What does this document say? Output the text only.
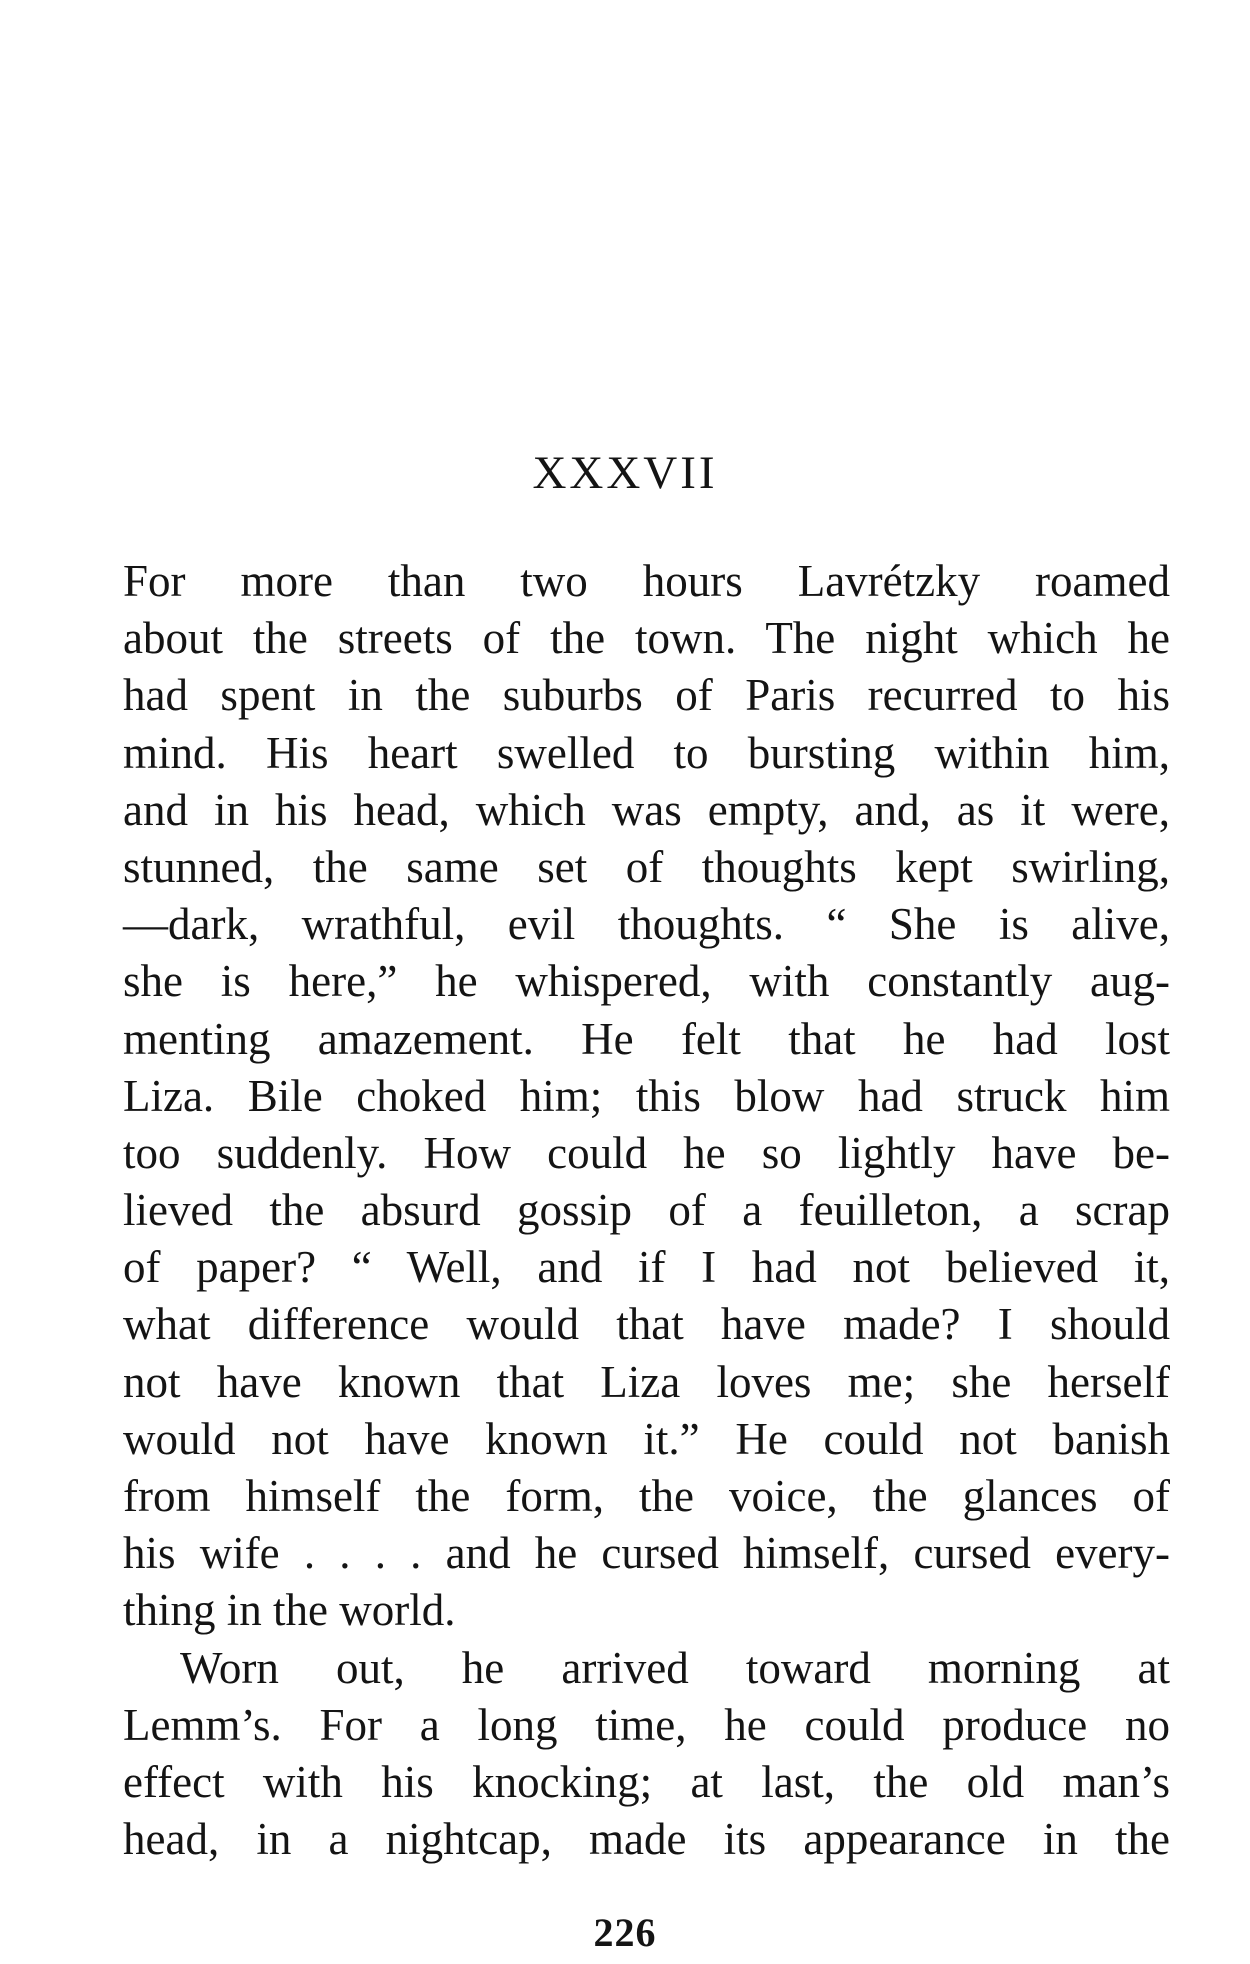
XXXVII
For more than two hours Lavrétzky roamed
about the streets of the town. The night which he
had spent in the suburbs of Paris recurred to his
mind. His heart swelled to bursting within him,
and in his head, which was empty, and, as it were,
stunned, the same set of thoughts kept swirling,
—dark, wrathful, evil thoughts. “ She is alive,
she is here,” he whispered, with constantly aug-
menting amazement. He felt that he had lost
Liza. Bile choked him; this blow had struck him
too suddenly. How could he so lightly have be-
lieved the absurd gossip of a feuilleton, a scrap
of paper? “ Well, and if I had not believed it,
what difference would that have made? I should
not have known that Liza loves me; she herself
would not have known it.” He could not banish
from himself the form, the voice, the glances of
his wife . . . . and he cursed himself, cursed every-
thing in the world.
Worn out, he arrived toward morning at
Lemm’s. For a long time, he could produce no
effect with his knocking; at last, the old man’s
head, in a nightcap, made its appearance in the
226
